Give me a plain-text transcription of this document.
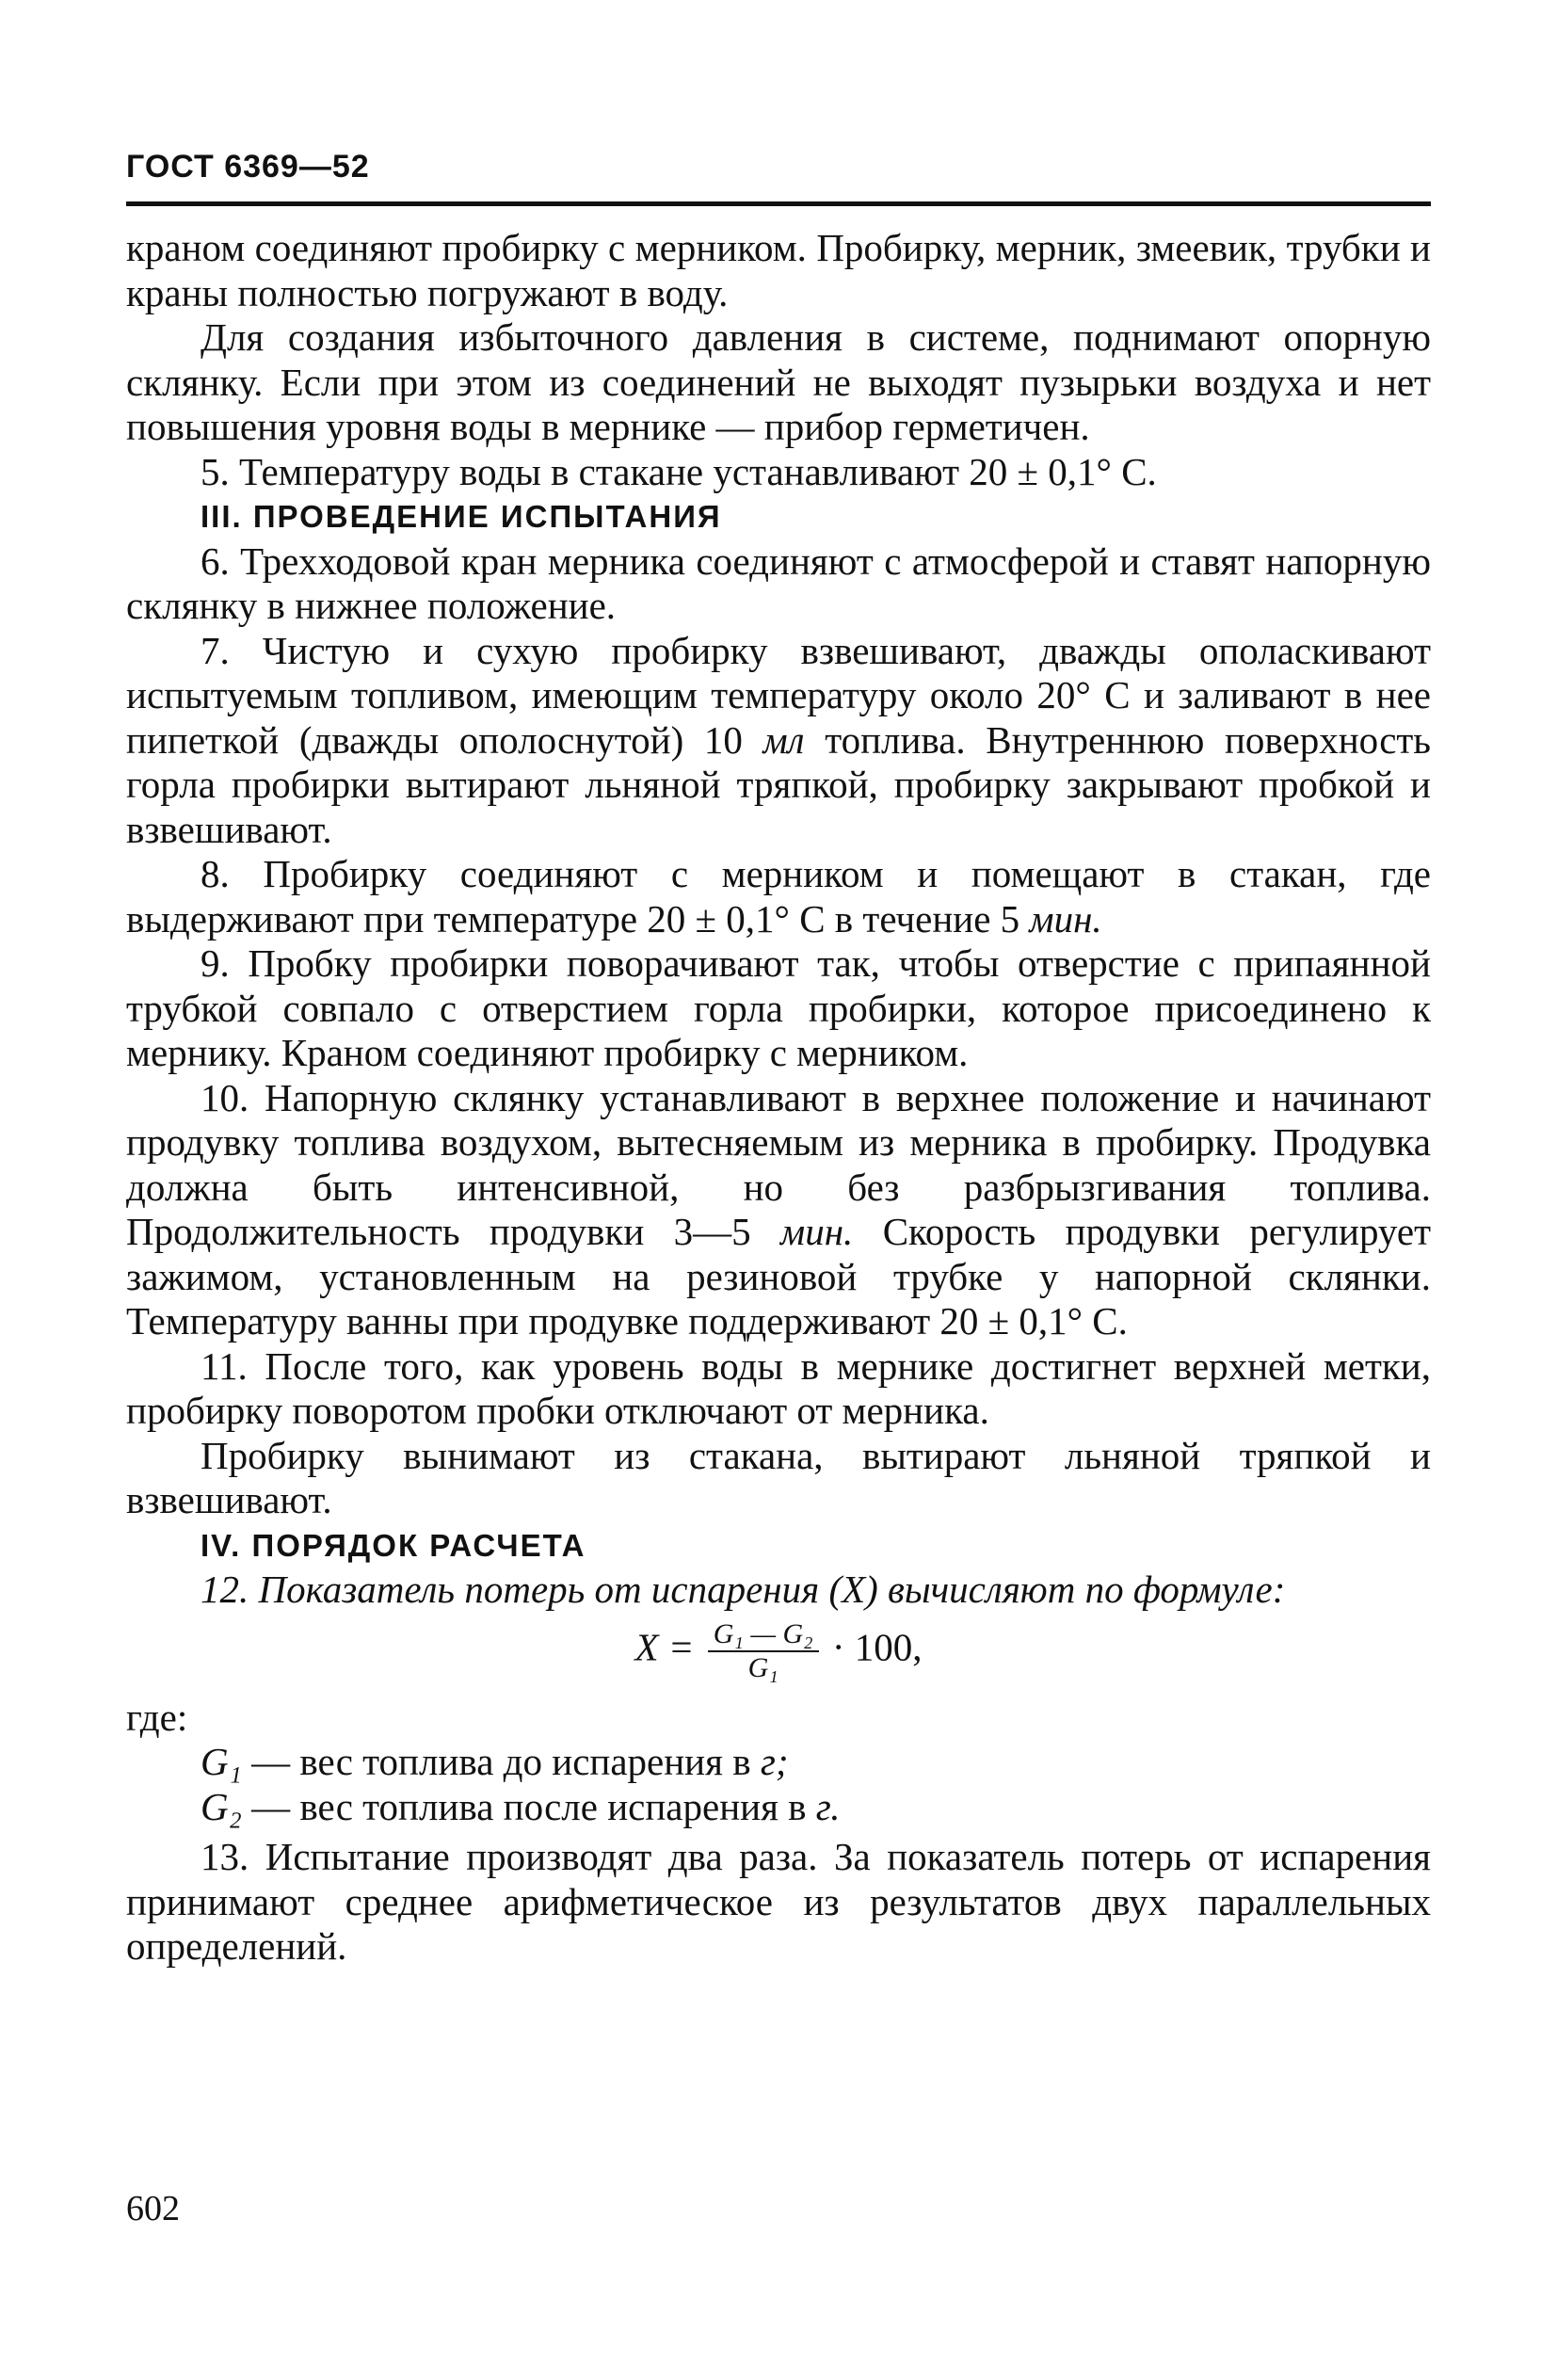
ГОСТ 6369—52

краном соединяют пробирку с мерником. Пробирку, мерник, змеевик, трубки и краны полностью погружают в воду.

Для создания избыточного давления в системе, поднимают опорную склянку. Если при этом из соединений не выходят пузырьки воздуха и нет повышения уровня воды в мернике — прибор герметичен.

5. Температуру воды в стакане устанавливают 20 ± 0,1° С.

III. ПРОВЕДЕНИЕ ИСПЫТАНИЯ

6. Трехходовой кран мерника соединяют с атмосферой и ставят напорную склянку в нижнее положение.

7. Чистую и сухую пробирку взвешивают, дважды ополаскивают испытуемым топливом, имеющим температуру около 20° С и заливают в нее пипеткой (дважды ополоснутой) 10 мл топлива. Внутреннюю поверхность горла пробирки вытирают льняной тряпкой, пробирку закрывают пробкой и взвешивают.

8. Пробирку соединяют с мерником и помещают в стакан, где выдерживают при температуре 20 ± 0,1° С в течение 5 мин.

9. Пробку пробирки поворачивают так, чтобы отверстие с припаянной трубкой совпало с отверстием горла пробирки, которое присоединено к мернику. Краном соединяют пробирку с мерником.

10. Напорную склянку устанавливают в верхнее положение и начинают продувку топлива воздухом, вытесняемым из мерника в пробирку. Продувка должна быть интенсивной, но без разбрызгивания топлива. Продолжительность продувки 3—5 мин. Скорость продувки регулирует зажимом, установленным на резиновой трубке у напорной склянки. Температуру ванны при продувке поддерживают 20 ± 0,1° С.

11. После того, как уровень воды в мернике достигнет верхней метки, пробирку поворотом пробки отключают от мерника.

Пробирку вынимают из стакана, вытирают льняной тряпкой и взвешивают.

IV. ПОРЯДОК РАСЧЕТА

12. Показатель потерь от испарения (X) вычисляют по формуле:

$X = \frac{\text{G₁ — G₂}}{\text{G₁}} \cdot 100$,

где:

G₁ — вес топлива до испарения в г;

G₂ — вес топлива после испарения в г.

13. Испытание производят два раза. За показатель потерь от испарения принимают среднее арифметическое из результатов двух параллельных определений.

602
